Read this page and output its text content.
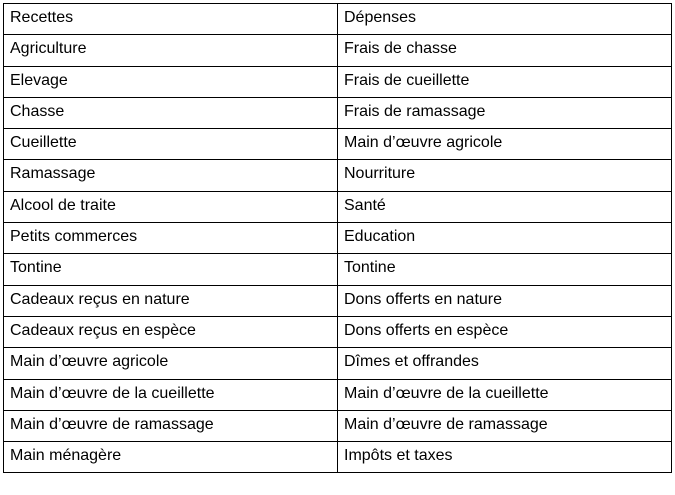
Recettes	Dépenses
Agriculture	Frais de chasse
Elevage	Frais de cueillette
Chasse	Frais de ramassage
Cueillette	Main d’œuvre agricole
Ramassage	Nourriture
Alcool de traite	Santé
Petits commerces	Education
Tontine	Tontine
Cadeaux reçus en nature	Dons offerts en nature
Cadeaux reçus en espèce	Dons offerts en espèce
Main d’œuvre agricole	Dîmes et offrandes
Main d’œuvre de la cueillette	Main d’œuvre de la cueillette
Main d’œuvre de ramassage	Main d’œuvre de ramassage
Main ménagère	Impôts et taxes
